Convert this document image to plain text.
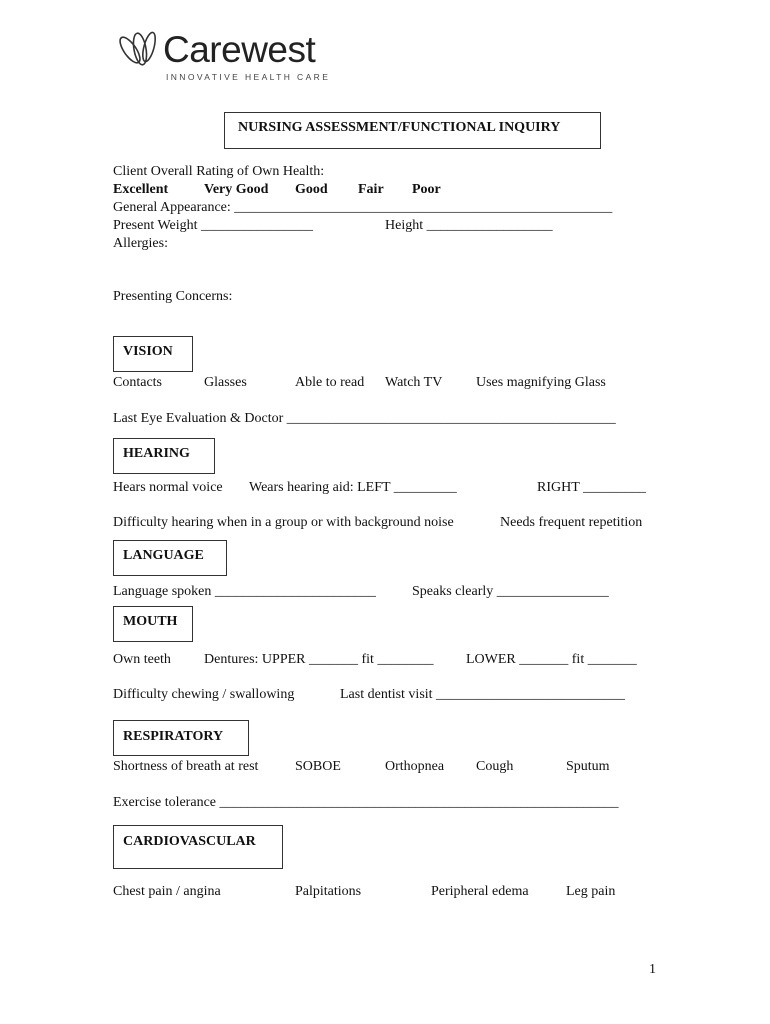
Carewest
INNOVATIVE HEALTH CARE
NURSING ASSESSMENT/FUNCTIONAL INQUIRY
Client Overall Rating of Own Health:
Excellent	Very Good Good Fair Poor
General Appearance: ______________________________________________________
Present Weight ________________	Height __________________
Allergies:
Presenting Concerns:
VISION
Contacts	Glasses	Able to read Watch TV Uses magnifying Glass
Last Eye Evaluation & Doctor _______________________________________________
HEARING
Hears normal voice Wears hearing aid: LEFT _________	RIGHT _________
Difficulty hearing when in a group or with background noise	Needs frequent repetition
LANGUAGE
Language spoken _______________________	Speaks clearly ________________
MOUTH
Own teeth Dentures: UPPER _______ fit ________ LOWER _______ fit _______
Difficulty chewing / swallowing	Last dentist visit ___________________________
RESPIRATORY
Shortness of breath at rest	SOBOE	Orthopnea Cough	Sputum
Exercise tolerance _________________________________________________________
CARDIOVASCULAR
Chest pain / angina	Palpitations	Peripheral edema	Leg pain
1
